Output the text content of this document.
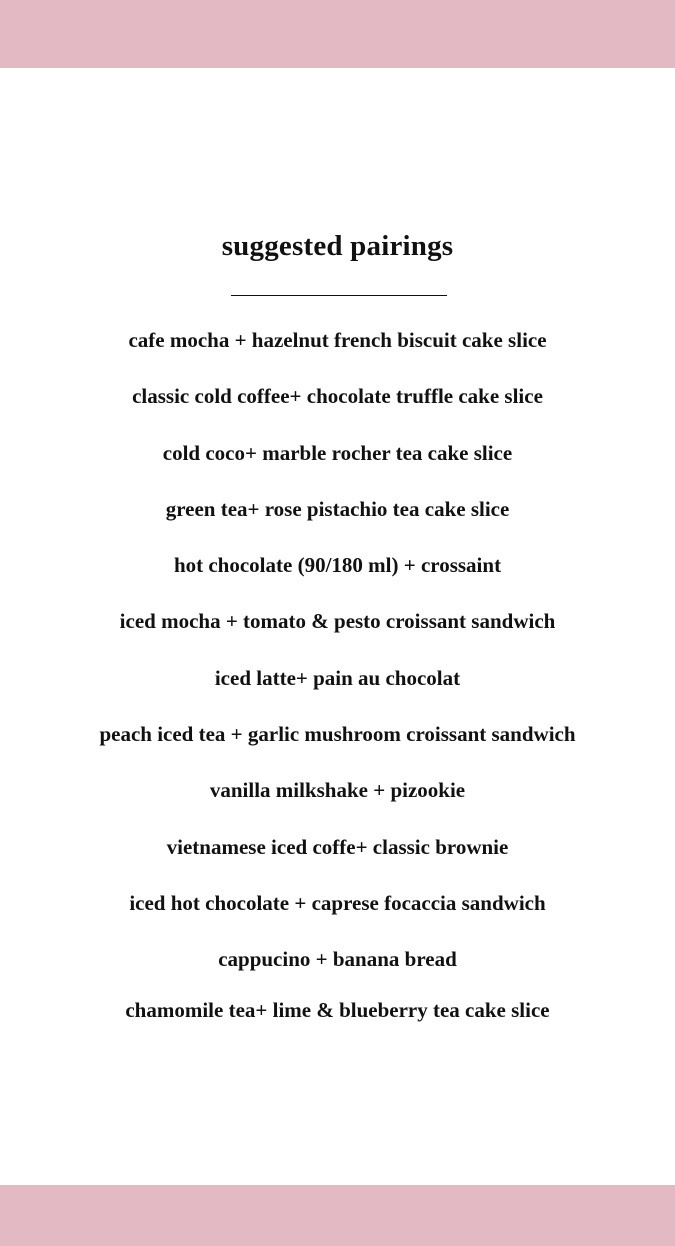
suggested pairings
cafe mocha + hazelnut french biscuit cake slice
classic cold coffee+ chocolate truffle cake slice
cold coco+ marble rocher tea cake slice
green tea+ rose pistachio tea cake slice
hot chocolate (90/180 ml) + crossaint
iced mocha + tomato & pesto croissant sandwich
iced latte+ pain au chocolat
peach iced tea + garlic mushroom croissant sandwich
vanilla milkshake + pizookie
vietnamese iced coffe+ classic brownie
iced hot chocolate + caprese focaccia sandwich
cappucino + banana bread
chamomile tea+ lime & blueberry tea cake slice
